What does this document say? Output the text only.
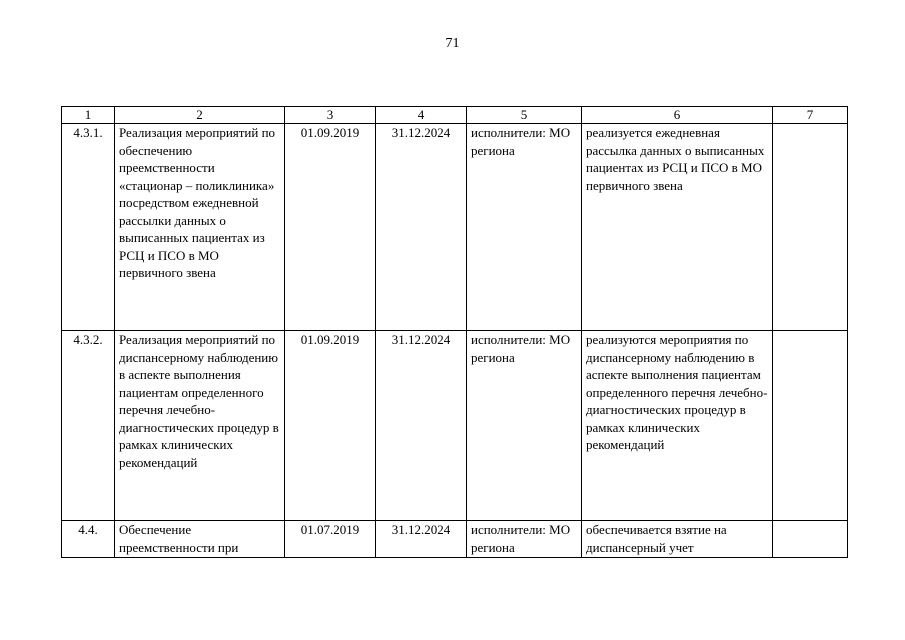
71
1	2	3	4	5	6	7
4.3.1.	Реализация мероприятий по обеспечению преемственности «стационар – поликлиника» посредством ежедневной рассылки данных о выписанных пациентах из РСЦ и ПСО в МО первичного звена	01.09.2019	31.12.2024	исполнители: МО региона	реализуется ежедневная рассылка данных о выписанных пациентах из РСЦ и ПСО в МО первичного звена	
4.3.2.	Реализация мероприятий по диспансерному наблюдению в аспекте выполнения пациентам определенного перечня лечебно-диагностических процедур в рамках клинических рекомендаций	01.09.2019	31.12.2024	исполнители: МО региона	реализуются мероприятия по диспансерному наблюдению в аспекте выполнения пациентам определенного перечня лечебно-диагностических процедур в рамках клинических рекомендаций	
4.4.	Обеспечение преемственности при	01.07.2019	31.12.2024	исполнители: МО региона	обеспечивается взятие на диспансерный учет	
